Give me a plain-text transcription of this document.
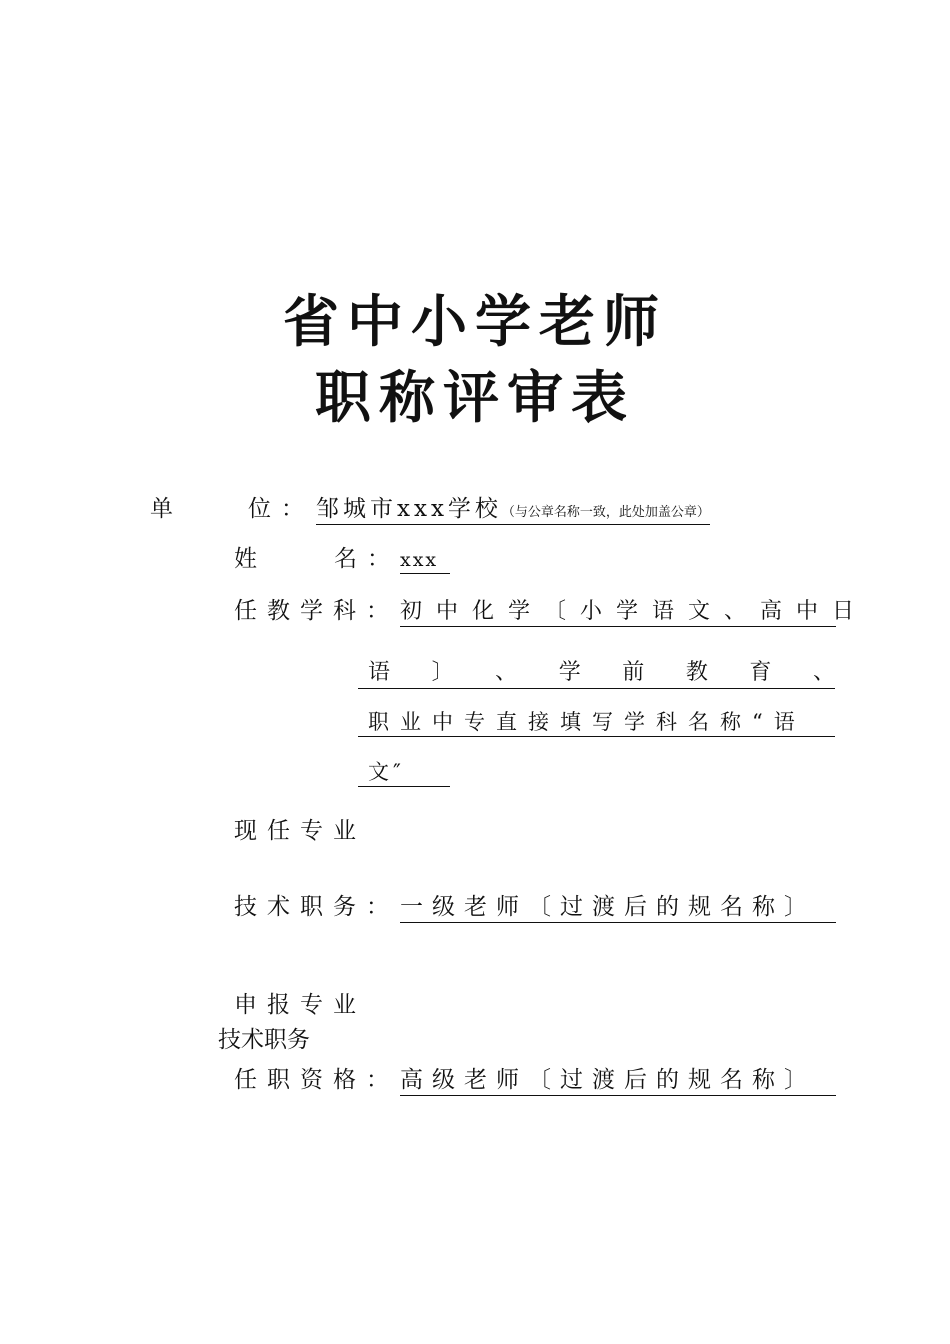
省中小学老师
职称评审表
单	位： 邹城市xxx学校（与公章名称一致，此处加盖公章）
姓	名： xxx
任教学科： 初中化学〔小学语文、高中日
语 〕 、 学 前 教 育 、
职业中专直接填写学科名称“语
文″
现任专业
技术职务： 一级老师〔过渡后的规名称〕
申报专业
技术职务
任职资格： 高级老师〔过渡后的规名称〕
